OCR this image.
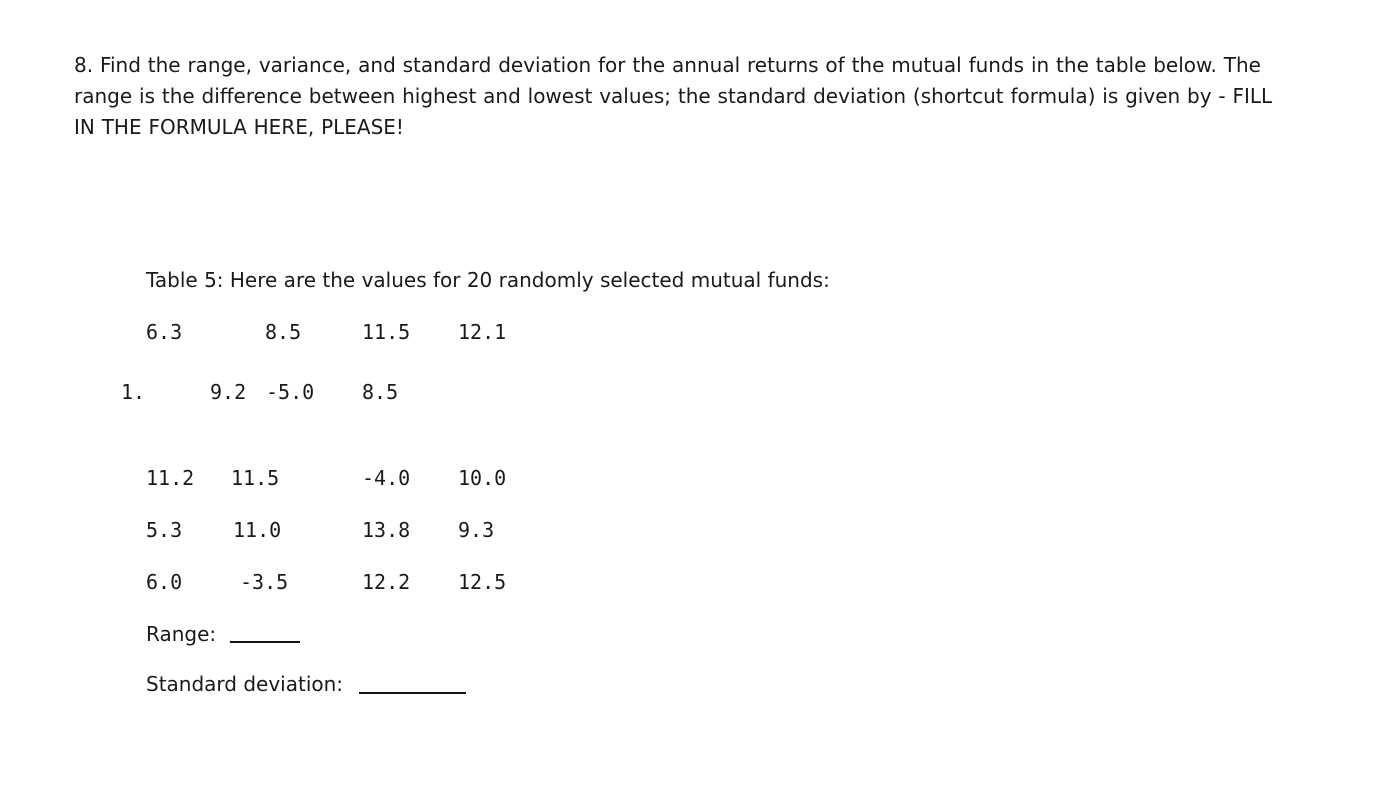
8. Find the range, variance, and standard deviation for the annual returns of the mutual funds in the table below. The
range is the difference between highest and lowest values; the standard deviation (shortcut formula) is given by - FILL
IN THE FORMULA HERE, PLEASE!
Table 5: Here are the values for 20 randomly selected mutual funds:
6.3	8.5	11.5 12.1
1.	9.2 -5.0 8.5
11.2 11.5	-4.0 10.0
5.3	11.0	13.8 9.3
6.0	-3.5	12.2 12.5
Range:
Standard deviation:
